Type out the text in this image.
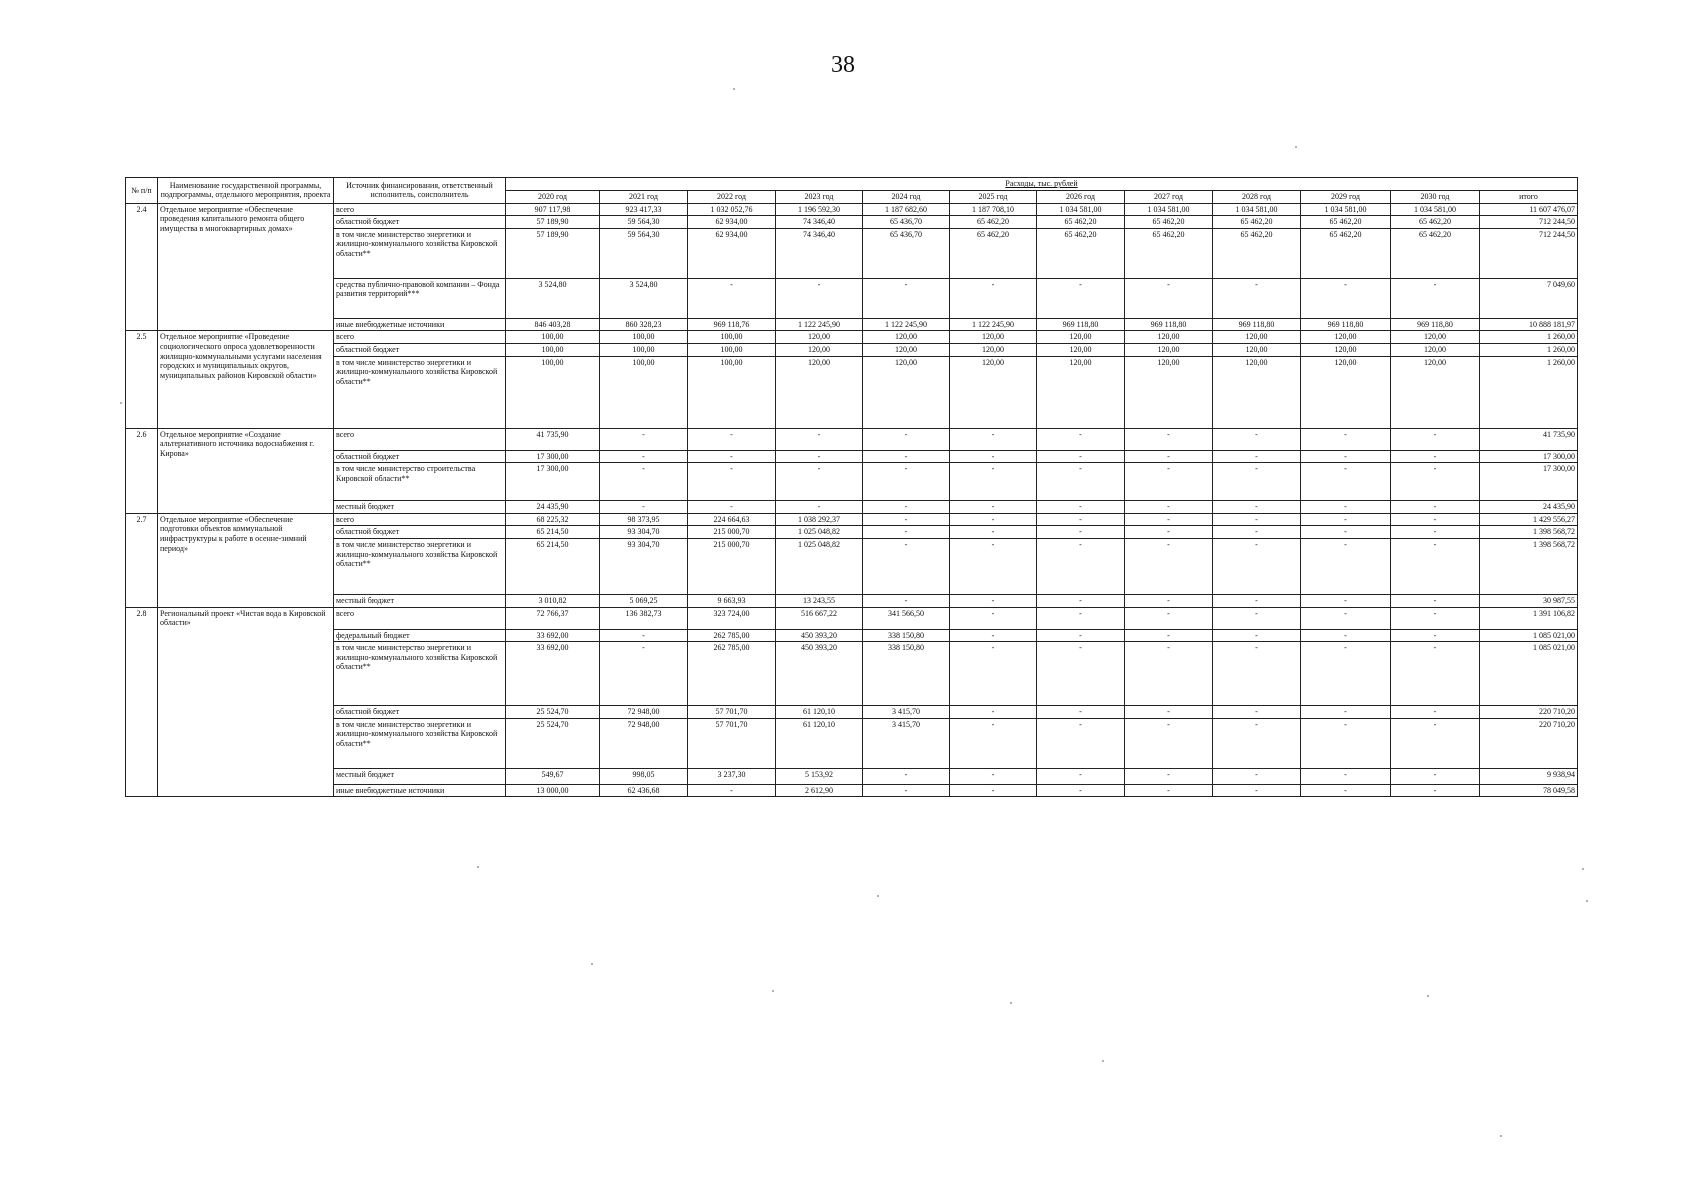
38
№ п/п	Наименование государственной программы, подпрограммы, отдельного мероприятия, проекта	Источник финансирования, ответственный исполнитель, соисполнитель	Расходы, тыс. рублей											
			2020 год	2021 год	2022 год	2023 год	2024 год	2025 год	2026 год	2027 год	2028 год	2029 год	2030 год	итого
2.4	Отдельное мероприятие «Обеспечение проведения капитального ремонта общего имущества в многоквартирных домах»	всего	907 117,98	923 417,33	1 032 052,76	1 196 592,30	1 187 682,60	1 187 708,10	1 034 581,00	1 034 581,00	1 034 581,00	1 034 581,00	1 034 581,00	11 607 476,07
		областной бюджет	57 189,90	59 564,30	62 934,00	74 346,40	65 436,70	65 462,20	65 462,20	65 462,20	65 462,20	65 462,20	65 462,20	712 244,50
		в том числе министерство энергетики и жилищно-коммунального хозяйства Кировской области**	57 189,90	59 564,30	62 934,00	74 346,40	65 436,70	65 462,20	65 462,20	65 462,20	65 462,20	65 462,20	65 462,20	712 244,50
		средства публично-правовой компании – Фонда развития территорий***	3 524,80	3 524,80	-	-	-	-	-	-	-	-	-	7 049,60
		иные внебюджетные источники	846 403,28	860 328,23	969 118,76	1 122 245,90	1 122 245,90	1 122 245,90	969 118,80	969 118,80	969 118,80	969 118,80	969 118,80	10 888 181,97
2.5	Отдельное мероприятие «Проведение социологического опроса удовлетворенности жилищно-коммунальными услугами населения городских и муниципальных округов, муниципальных районов Кировской области»	всего	100,00	100,00	100,00	120,00	120,00	120,00	120,00	120,00	120,00	120,00	120,00	1 260,00
		областной бюджет	100,00	100,00	100,00	120,00	120,00	120,00	120,00	120,00	120,00	120,00	120,00	1 260,00
		в том числе министерство энергетики и жилищно-коммунального хозяйства Кировской области**	100,00	100,00	100,00	120,00	120,00	120,00	120,00	120,00	120,00	120,00	120,00	1 260,00
2.6	Отдельное мероприятие «Создание альтернативного источника водоснабжения г. Кирова»	всего	41 735,90	-	-	-	-	-	-	-	-	-	-	41 735,90
		областной бюджет	17 300,00	-	-	-	-	-	-	-	-	-	-	17 300,00
		в том числе министерство строительства Кировской области**	17 300,00	-	-	-	-	-	-	-	-	-	-	17 300,00
		местный бюджет	24 435,90	-	-	-	-	-	-	-	-	-	-	24 435,90
2.7	Отдельное мероприятие «Обеспечение подготовки объектов коммунальной инфраструктуры к работе в осенне-зимний период»	всего	68 225,32	98 373,95	224 664,63	1 038 292,37	-	-	-	-	-	-	-	1 429 556,27
		областной бюджет	65 214,50	93 304,70	215 000,70	1 025 048,82	-	-	-	-	-	-	-	1 398 568,72
		в том числе министерство энергетики и жилищно-коммунального хозяйства Кировской области**	65 214,50	93 304,70	215 000,70	1 025 048,82	-	-	-	-	-	-	-	1 398 568,72
		местный бюджет	3 010,82	5 069,25	9 663,93	13 243,55	-	-	-	-	-	-	-	30 987,55
2.8	Региональный проект «Чистая вода в Кировской области»	всего	72 766,37	136 382,73	323 724,00	516 667,22	341 566,50	-	-	-	-	-	-	1 391 106,82
		федеральный бюджет	33 692,00	-	262 785,00	450 393,20	338 150,80	-	-	-	-	-	-	1 085 021,00
		в том числе министерство энергетики и жилищно-коммунального хозяйства Кировской области**	33 692,00	-	262 785,00	450 393,20	338 150,80	-	-	-	-	-	-	1 085 021,00
		областной бюджет	25 524,70	72 948,00	57 701,70	61 120,10	3 415,70	-	-	-	-	-	-	220 710,20
		в том числе министерство энергетики и жилищно-коммунального хозяйства Кировской области**	25 524,70	72 948,00	57 701,70	61 120,10	3 415,70	-	-	-	-	-	-	220 710,20
		местный бюджет	549,67	998,05	3 237,30	5 153,92	-	-	-	-	-	-	-	9 938,94
		иные внебюджетные источники	13 000,00	62 436,68	-	2 612,90	-	-	-	-	-	-	-	78 049,58
